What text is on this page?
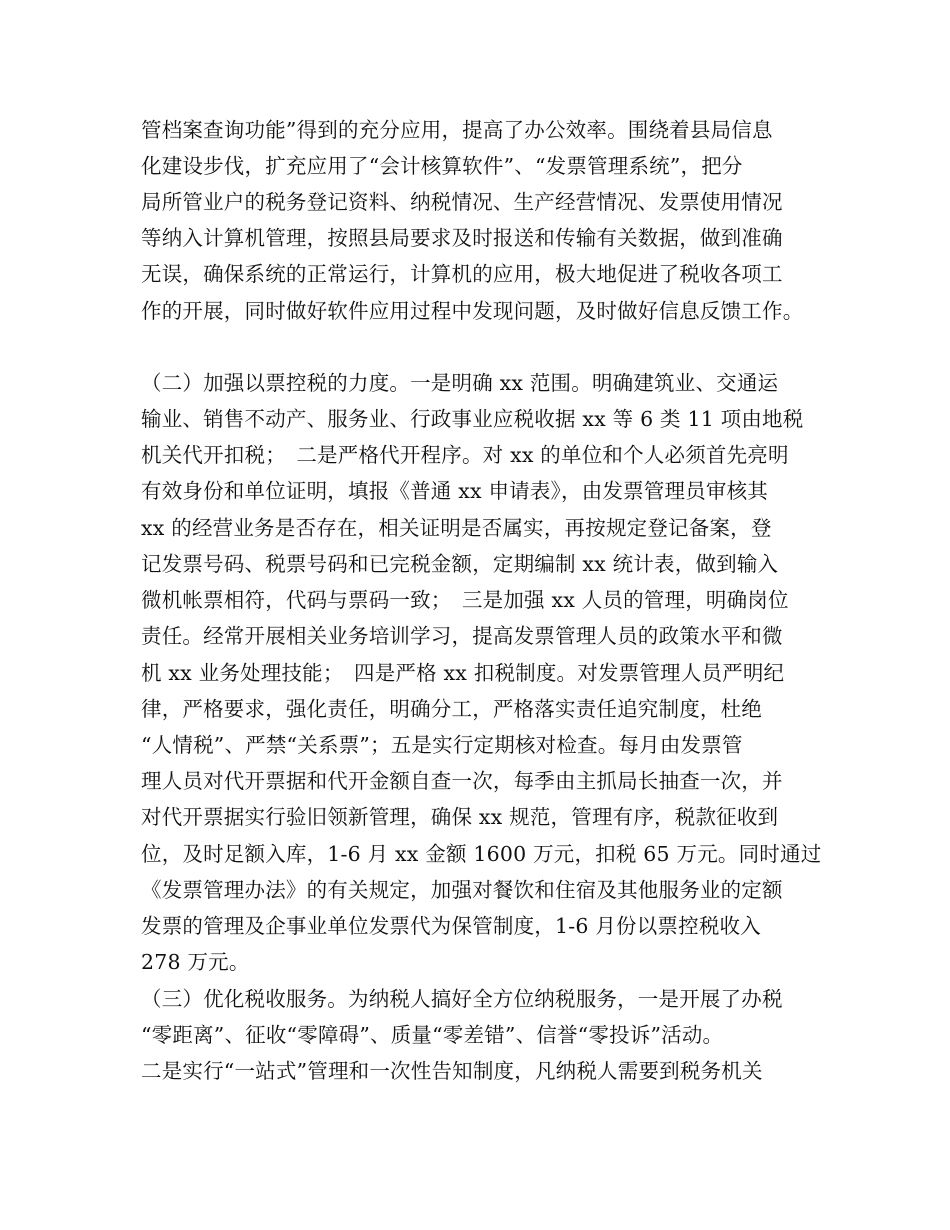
管档案查询功能”得到的充分应用，提高了办公效率。围绕着县局信息
化建设步伐，扩充应用了“会计核算软件”、“发票管理系统”，把分
局所管业户的税务登记资料、纳税情况、生产经营情况、发票使用情况
等纳入计算机管理，按照县局要求及时报送和传输有关数据，做到准确
无误，确保系统的正常运行，计算机的应用，极大地促进了税收各项工
作的开展，同时做好软件应用过程中发现问题，及时做好信息反馈工作。
（二）加强以票控税的力度。一是明确 xx 范围。明确建筑业、交通运
输业、销售不动产、服务业、行政事业应税收据 xx 等 6 类 11 项由地税
机关代开扣税；　二是严格代开程序。对 xx 的单位和个人必须首先亮明
有效身份和单位证明，填报《普通 xx 申请表》，由发票管理员审核其
xx 的经营业务是否存在，相关证明是否属实，再按规定登记备案，登
记发票号码、税票号码和已完税金额，定期编制 xx 统计表，做到输入
微机帐票相符，代码与票码一致；　三是加强 xx 人员的管理，明确岗位
责任。经常开展相关业务培训学习，提高发票管理人员的政策水平和微
机 xx 业务处理技能；　四是严格 xx 扣税制度。对发票管理人员严明纪
律，严格要求，强化责任，明确分工，严格落实责任追究制度，杜绝
“人情税”、严禁“关系票”；五是实行定期核对检查。每月由发票管
理人员对代开票据和代开金额自查一次，每季由主抓局长抽查一次，并
对代开票据实行验旧领新管理，确保 xx 规范，管理有序，税款征收到
位，及时足额入库，1-6 月 xx 金额 1600 万元，扣税 65 万元。同时通过
《发票管理办法》的有关规定，加强对餐饮和住宿及其他服务业的定额
发票的管理及企事业单位发票代为保管制度，1-6 月份以票控税收入
278 万元。
（三）优化税收服务。为纳税人搞好全方位纳税服务，一是开展了办税
“零距离”、征收“零障碍”、质量“零差错”、信誉“零投诉”活动。
二是实行“一站式”管理和一次性告知制度，凡纳税人需要到税务机关
